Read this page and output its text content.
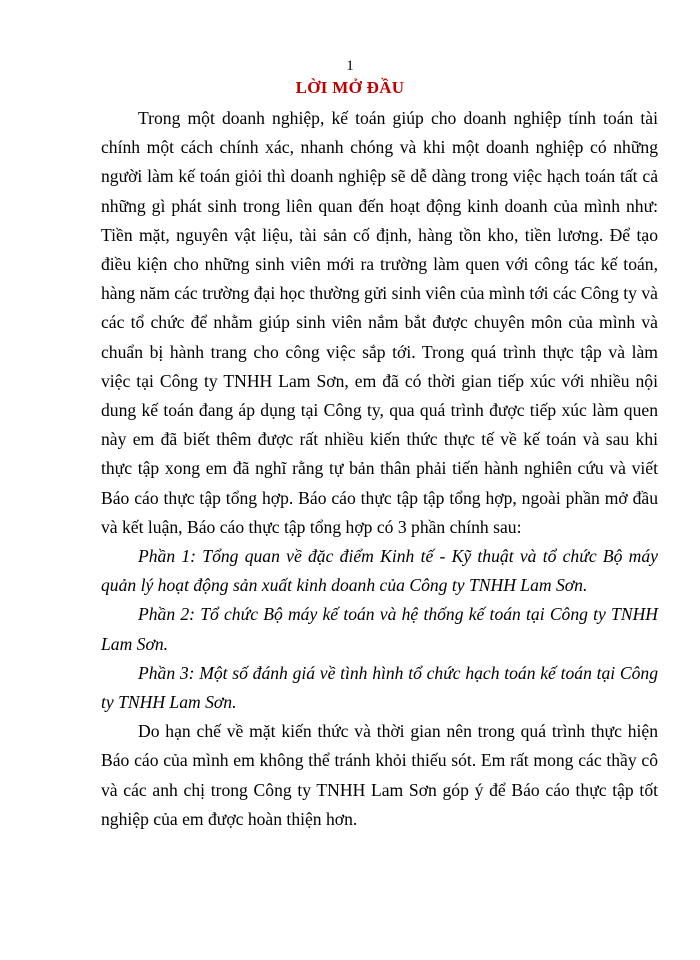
1
LỜI MỞ ĐẦU

Trong một doanh nghiệp, kế toán giúp cho doanh nghiệp tính toán tài chính một cách chính xác, nhanh chóng và khi một doanh nghiệp có những người làm kế toán giỏi thì doanh nghiệp sẽ dễ dàng trong việc hạch toán tất cả những gì phát sinh trong liên quan đến hoạt động kinh doanh của mình như: Tiền mặt, nguyên vật liệu, tài sản cố định, hàng tồn kho, tiền lương. Để tạo điều kiện cho những sinh viên mới ra trường làm quen với công tác kế toán, hàng năm các trường đại học thường gửi sinh viên của mình tới các Công ty và các tổ chức để nhằm giúp sinh viên nắm bắt được chuyên môn của mình và chuẩn bị hành trang cho công việc sắp tới. Trong quá trình thực tập và làm việc tại Công ty TNHH Lam Sơn, em đã có thời gian tiếp xúc với nhiều nội dung kế toán đang áp dụng tại Công ty, qua quá trình được tiếp xúc làm quen này em đã biết thêm được rất nhiều kiến thức thực tế về kế toán và sau khi thực tập xong em đã nghĩ rằng tự bản thân phải tiến hành nghiên cứu và viết Báo cáo thực tập tổng hợp. Báo cáo thực tập tập tổng hợp, ngoài phần mở đầu và kết luận, Báo cáo thực tập tổng hợp có 3 phần chính sau:

Phần 1: Tổng quan về đặc điểm Kinh tế - Kỹ thuật và tổ chức Bộ máy quản lý hoạt động sản xuất kinh doanh của Công ty TNHH Lam Sơn.

Phần 2: Tổ chức Bộ máy kế toán và hệ thống kế toán tại Công ty TNHH Lam Sơn.

Phần 3: Một số đánh giá về tình hình tổ chức hạch toán kế toán tại Công ty TNHH Lam Sơn.

Do hạn chế về mặt kiến thức và thời gian nên trong quá trình thực hiện Báo cáo của mình em không thể tránh khỏi thiếu sót. Em rất mong các thầy cô và các anh chị trong Công ty TNHH Lam Sơn góp ý để Báo cáo thực tập tốt nghiệp của em được hoàn thiện hơn.
